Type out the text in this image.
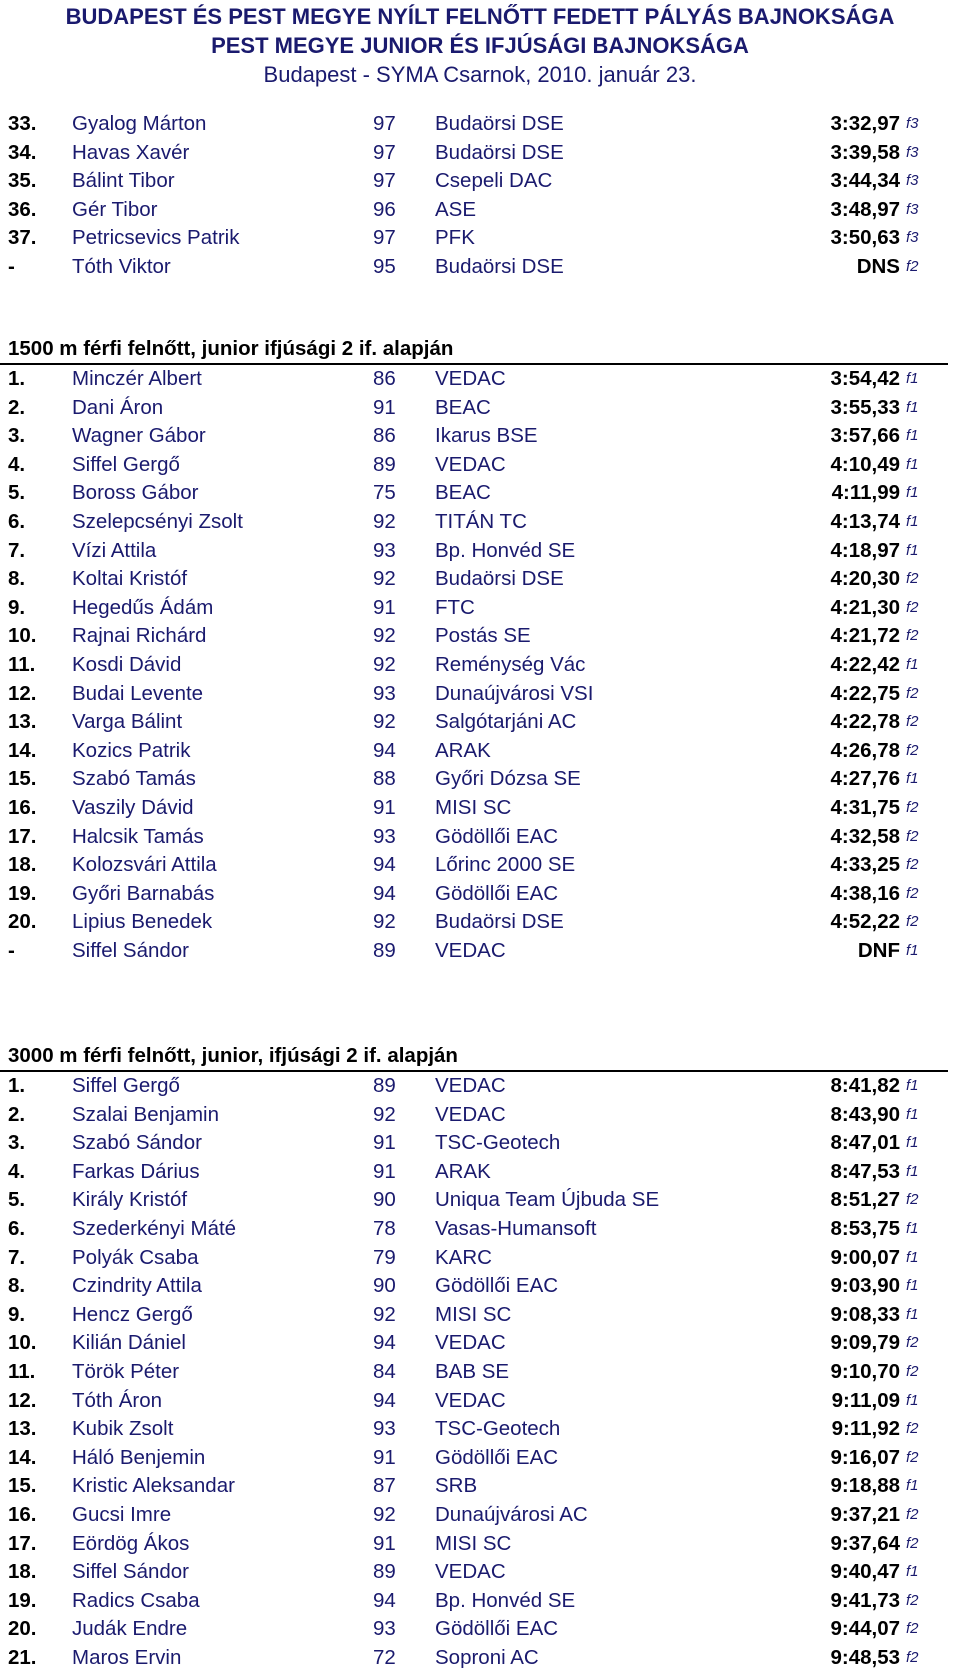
BUDAPEST ÉS PEST MEGYE NYÍLT FELNŐTT FEDETT PÁLYÁS BAJNOKSÁGA
PEST MEGYE JUNIOR ÉS IFJÚSÁGI BAJNOKSÁGA
Budapest - SYMA Csarnok, 2010. január 23.
33. Gyalog Márton	97 Budaörsi DSE	3:32,97 f3
34. Havas Xavér	97 Budaörsi DSE	3:39,58 f3
35. Bálint Tibor	97 Csepeli DAC	3:44,34 f3
36. Gér Tibor	96 ASE	3:48,97 f3
37. Petricsevics Patrik	97 PFK	3:50,63 f3
-	Tóth Viktor	95 Budaörsi DSE	DNS f2
1500 m férfi felnőtt, junior ifjúsági 2 if. alapján
1. Minczér Albert	86 VEDAC	3:54,42 f1
2. Dani Áron	91 BEAC	3:55,33 f1
3. Wagner Gábor	86 Ikarus BSE	3:57,66 f1
4. Siffel Gergő	89 VEDAC	4:10,49 f1
5. Boross Gábor	75 BEAC	4:11,99 f1
6. Szelepcsényi Zsolt	92 TITÁN TC	4:13,74 f1
7. Vízi Attila	93 Bp. Honvéd SE	4:18,97 f1
8. Koltai Kristóf	92 Budaörsi DSE	4:20,30 f2
9. Hegedűs Ádám	91 FTC	4:21,30 f2
10. Rajnai Richárd	92 Postás SE	4:21,72 f2
11. Kosdi Dávid	92 Reménység Vác	4:22,42 f1
12. Budai Levente	93 Dunaújvárosi VSI	4:22,75 f2
13. Varga Bálint	92 Salgótarjáni AC	4:22,78 f2
14. Kozics Patrik	94 ARAK	4:26,78 f2
15. Szabó Tamás	88 Győri Dózsa SE	4:27,76 f1
16. Vaszily Dávid	91 MISI SC	4:31,75 f2
17. Halcsik Tamás	93 Gödöllői EAC	4:32,58 f2
18. Kolozsvári Attila	94 Lőrinc 2000 SE	4:33,25 f2
19. Győri Barnabás	94 Gödöllői EAC	4:38,16 f2
20. Lipius Benedek	92 Budaörsi DSE	4:52,22 f2
-	Siffel Sándor	89 VEDAC	DNF f1
3000 m férfi felnőtt, junior, ifjúsági 2 if. alapján
1. Siffel Gergő	89 VEDAC	8:41,82 f1
2. Szalai Benjamin	92 VEDAC	8:43,90 f1
3. Szabó Sándor	91 TSC-Geotech	8:47,01 f1
4. Farkas Dárius	91 ARAK	8:47,53 f1
5. Király Kristóf	90 Uniqua Team Újbuda SE	8:51,27 f2
6. Szederkényi Máté	78 Vasas-Humansoft	8:53,75 f1
7. Polyák Csaba	79 KARC	9:00,07 f1
8. Czindrity Attila	90 Gödöllői EAC	9:03,90 f1
9. Hencz Gergő	92 MISI SC	9:08,33 f1
10. Kilián Dániel	94 VEDAC	9:09,79 f2
11. Török Péter	84 BAB SE	9:10,70 f2
12. Tóth Áron	94 VEDAC	9:11,09 f1
13. Kubik Zsolt	93 TSC-Geotech	9:11,92 f2
14. Háló Benjemin	91 Gödöllői EAC	9:16,07 f2
15. Kristic Aleksandar	87 SRB	9:18,88 f1
16. Gucsi Imre	92 Dunaújvárosi AC	9:37,21 f2
17. Eördög Ákos	91 MISI SC	9:37,64 f2
18. Siffel Sándor	89 VEDAC	9:40,47 f1
19. Radics Csaba	94 Bp. Honvéd SE	9:41,73 f2
20. Judák Endre	93 Gödöllői EAC	9:44,07 f2
21. Maros Ervin	72 Soproni AC	9:48,53 f2
